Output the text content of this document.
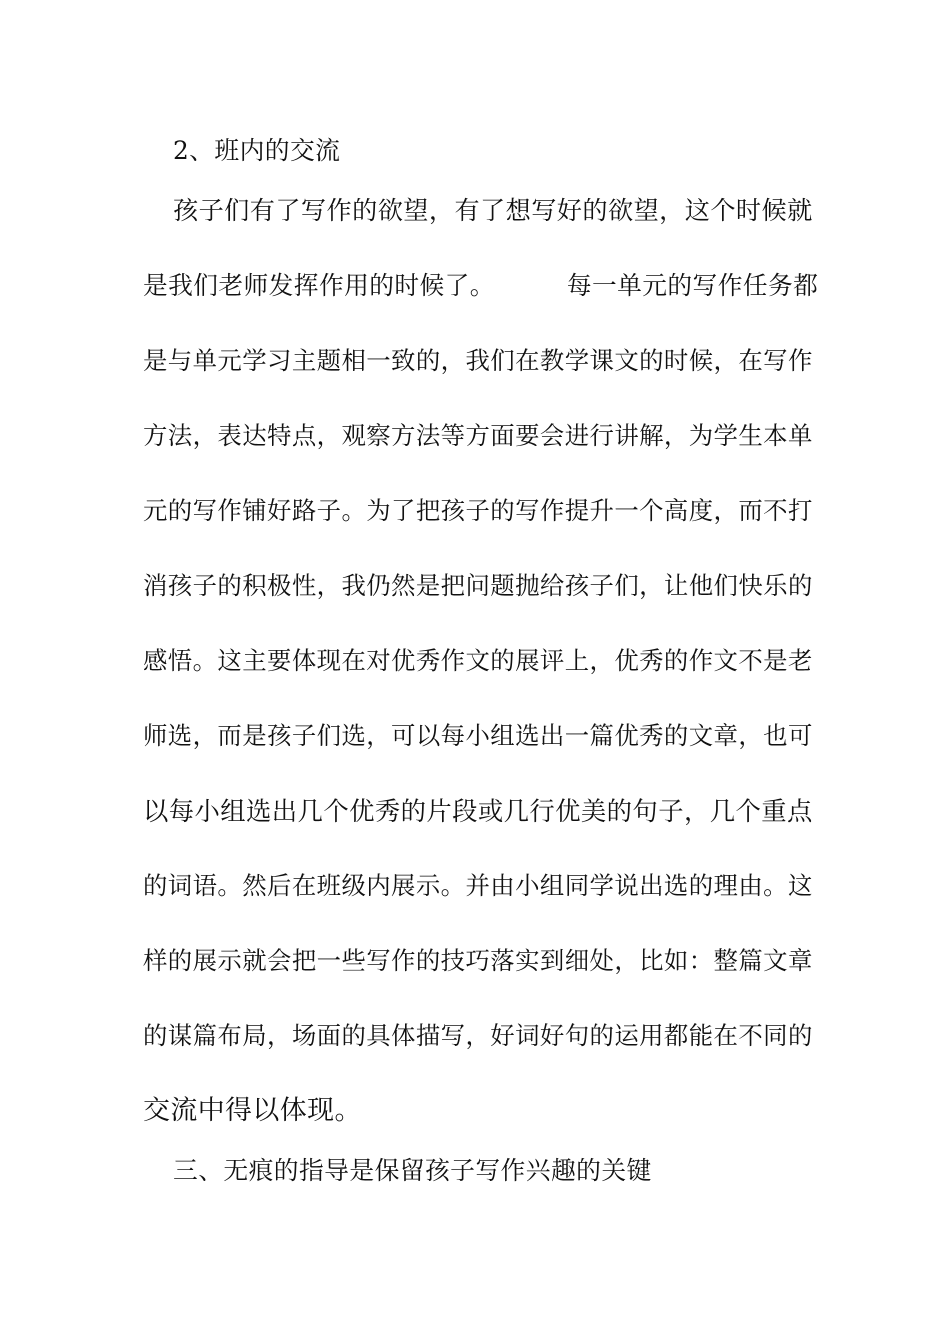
2、班内的交流
孩子们有了写作的欲望，有了想写好的欲望，这个时候就
是我们老师发挥作用的时候了。	每一单元的写作任务都
是与单元学习主题相一致的，我们在教学课文的时候，在写作
方法，表达特点，观察方法等方面要会进行讲解，为学生本单
元的写作铺好路子。为了把孩子的写作提升一个高度，而不打
消孩子的积极性，我仍然是把问题抛给孩子们，让他们快乐的
感悟。这主要体现在对优秀作文的展评上，优秀的作文不是老
师选，而是孩子们选，可以每小组选出一篇优秀的文章，也可
以每小组选出几个优秀的片段或几行优美的句子，几个重点
的词语。然后在班级内展示。并由小组同学说出选的理由。这
样的展示就会把一些写作的技巧落实到细处，比如：整篇文章
的谋篇布局，场面的具体描写，好词好句的运用都能在不同的
交流中得以体现。
三、无痕的指导是保留孩子写作兴趣的关键
